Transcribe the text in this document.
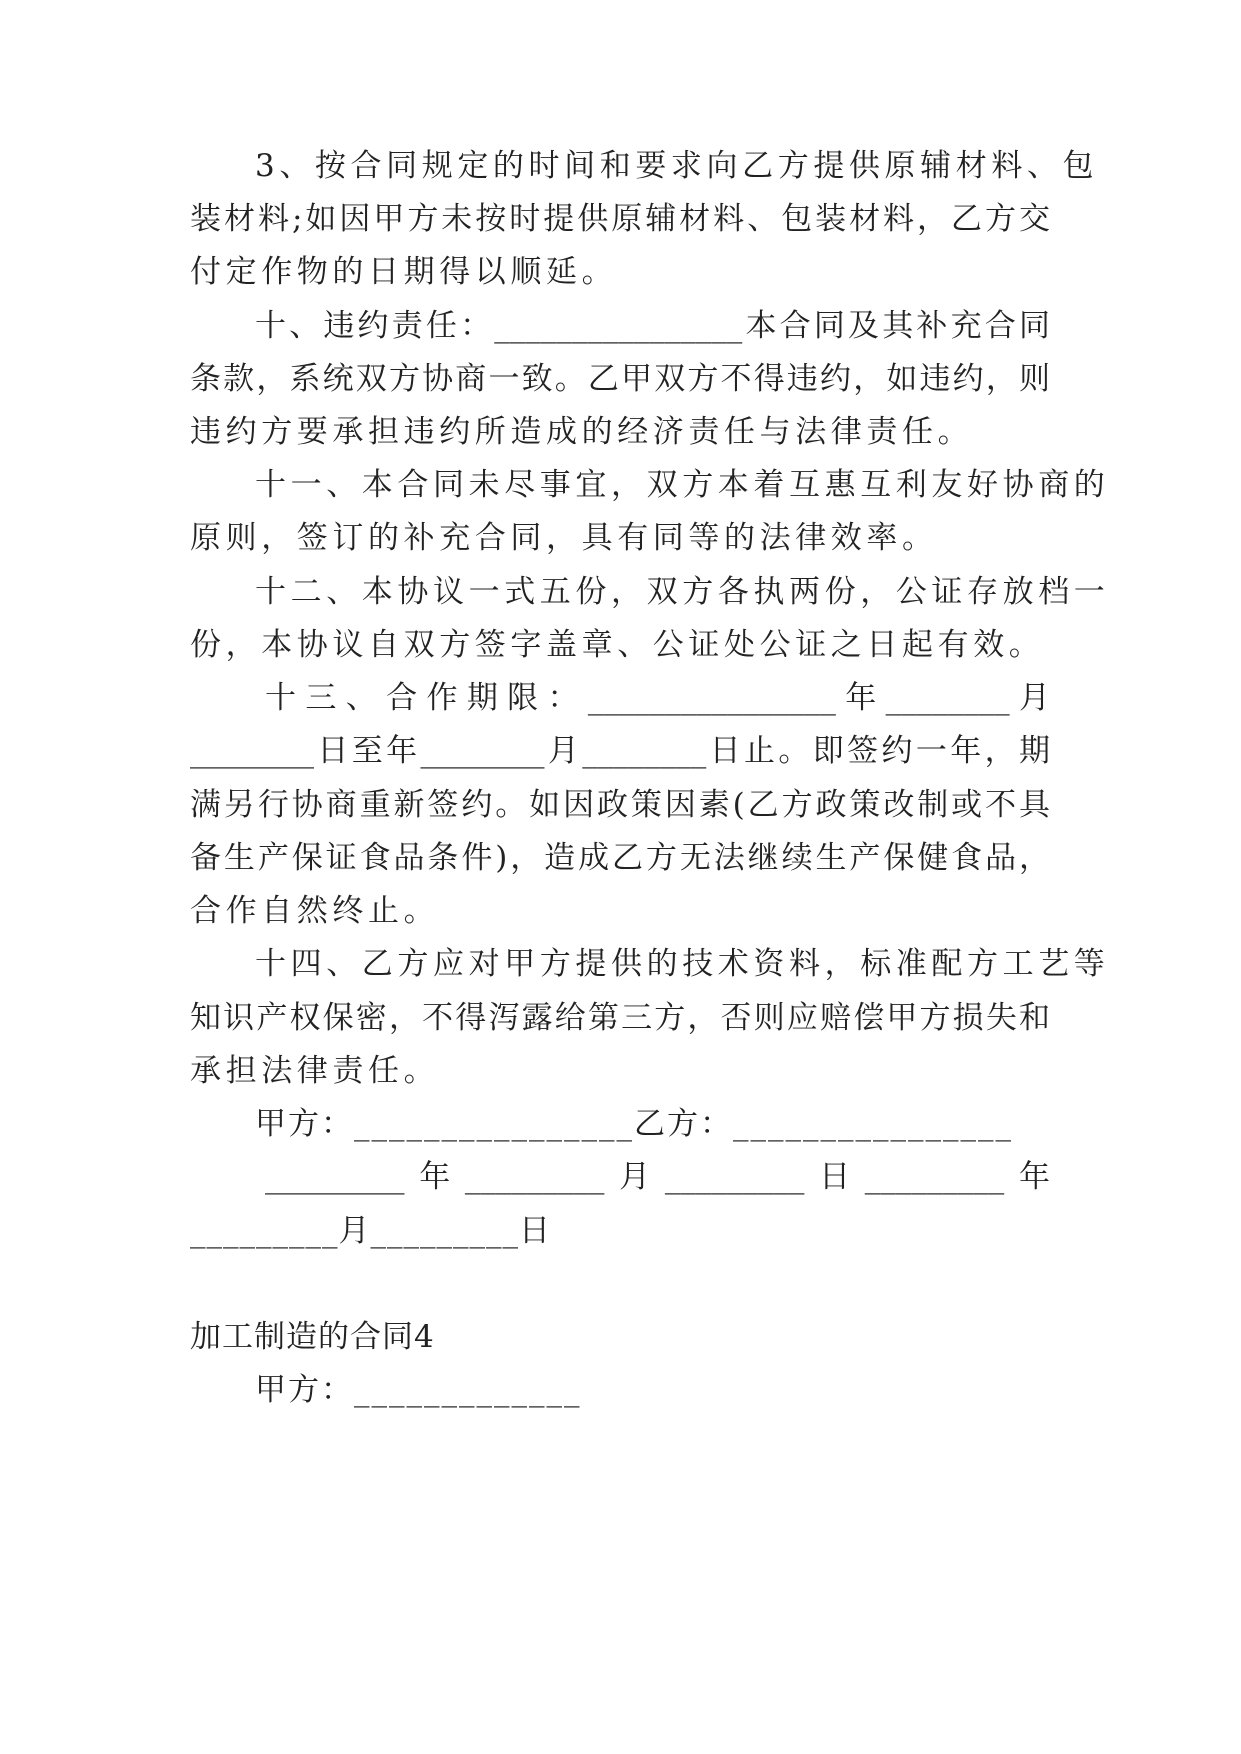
3、按合同规定的时间和要求向乙方提供原辅材料、包
装材料;如因甲方未按时提供原辅材料、包装材料，乙方交
付定作物的日期得以顺延。
十、违约责任：________________本合同及其补充合同
条款，系统双方协商一致。乙甲双方不得违约，如违约，则
违约方要承担违约所造成的经济责任与法律责任。
十一、本合同未尽事宜，双方本着互惠互利友好协商的
原则，签订的补充合同，具有同等的法律效率。
十二、本协议一式五份，双方各执两份，公证存放档一
份，本协议自双方签字盖章、公证处公证之日起有效。
十三、合作期限：________________年________月
________日至年________月________日止。即签约一年，期
满另行协商重新签约。如因政策因素(乙方政策改制或不具
备生产保证食品条件)，造成乙方无法继续生产保健食品，
合作自然终止。
十四、乙方应对甲方提供的技术资料，标准配方工艺等
知识产权保密，不得泻露给第三方，否则应赔偿甲方损失和
承担法律责任。
甲方：________________乙方：________________
_________年_________月_________日_________年
_________月_________日
加工制造的合同4
甲方：_____________
